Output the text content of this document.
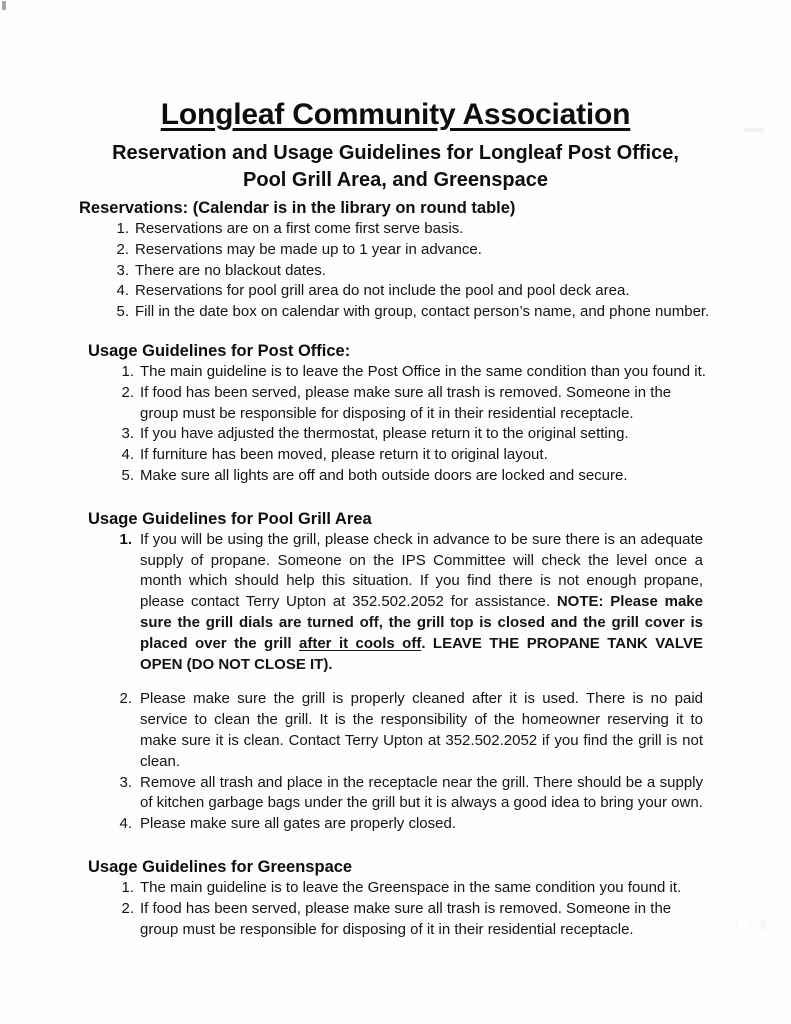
Longleaf Community Association
Reservation and Usage Guidelines for Longleaf Post Office,
Pool Grill Area, and Greenspace
Reservations: (Calendar is in the library on round table)
1. Reservations are on a first come first serve basis.
2. Reservations may be made up to 1 year in advance.
3. There are no blackout dates.
4. Reservations for pool grill area do not include the pool and pool deck area.
5. Fill in the date box on calendar with group, contact person’s name, and phone number.
Usage Guidelines for Post Office:
1. The main guideline is to leave the Post Office in the same condition than you found it.
2. If food has been served, please make sure all trash is removed. Someone in the group must be responsible for disposing of it in their residential receptacle.
3. If you have adjusted the thermostat, please return it to the original setting.
4. If furniture has been moved, please return it to original layout.
5. Make sure all lights are off and both outside doors are locked and secure.
Usage Guidelines for Pool Grill Area
1. If you will be using the grill, please check in advance to be sure there is an adequate supply of propane. Someone on the IPS Committee will check the level once a month which should help this situation. If you find there is not enough propane, please contact Terry Upton at 352.502.2052 for assistance. NOTE: Please make sure the grill dials are turned off, the grill top is closed and the grill cover is placed over the grill after it cools off. LEAVE THE PROPANE TANK VALVE OPEN (DO NOT CLOSE IT).
2. Please make sure the grill is properly cleaned after it is used. There is no paid service to clean the grill. It is the responsibility of the homeowner reserving it to make sure it is clean. Contact Terry Upton at 352.502.2052 if you find the grill is not clean.
3. Remove all trash and place in the receptacle near the grill. There should be a supply of kitchen garbage bags under the grill but it is always a good idea to bring your own.
4. Please make sure all gates are properly closed.
Usage Guidelines for Greenspace
1. The main guideline is to leave the Greenspace in the same condition you found it.
2. If food has been served, please make sure all trash is removed. Someone in the group must be responsible for disposing of it in their residential receptacle.
